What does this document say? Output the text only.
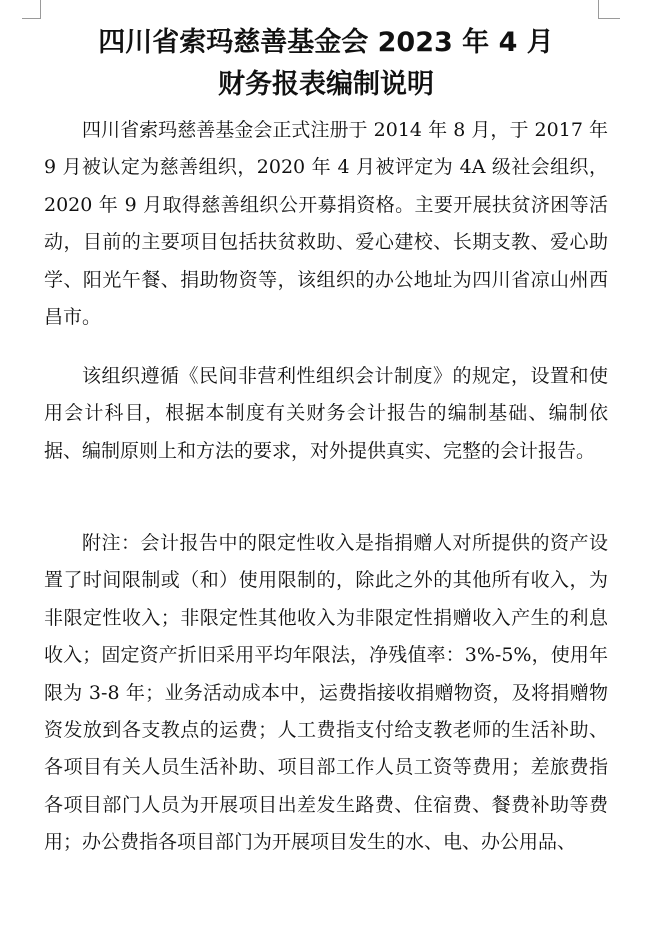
四川省索玛慈善基金会 2023 年 4 月
财务报表编制说明

四川省索玛慈善基金会正式注册于 2014 年 8 月，于 2017 年 9 月被认定为慈善组织，2020 年 4 月被评定为 4A 级社会组织，2020 年 9 月取得慈善组织公开募捐资格。主要开展扶贫济困等活动，目前的主要项目包括扶贫救助、爱心建校、长期支教、爱心助学、阳光午餐、捐助物资等，该组织的办公地址为四川省凉山州西昌市。

该组织遵循《民间非营利性组织会计制度》的规定，设置和使用会计科目，根据本制度有关财务会计报告的编制基础、编制依据、编制原则上和方法的要求，对外提供真实、完整的会计报告。

附注：会计报告中的限定性收入是指捐赠人对所提供的资产设置了时间限制或（和）使用限制的，除此之外的其他所有收入，为非限定性收入；非限定性其他收入为非限定性捐赠收入产生的利息收入；固定资产折旧采用平均年限法，净残值率：3%-5%，使用年限为 3-8 年；业务活动成本中，运费指接收捐赠物资，及将捐赠物资发放到各支教点的运费；人工费指支付给支教老师的生活补助、各项目有关人员生活补助、项目部工作人员工资等费用；差旅费指各项目部门人员为开展项目出差发生路费、住宿费、餐费补助等费用；办公费指各项目部门为开展项目发生的水、电、办公用品、
